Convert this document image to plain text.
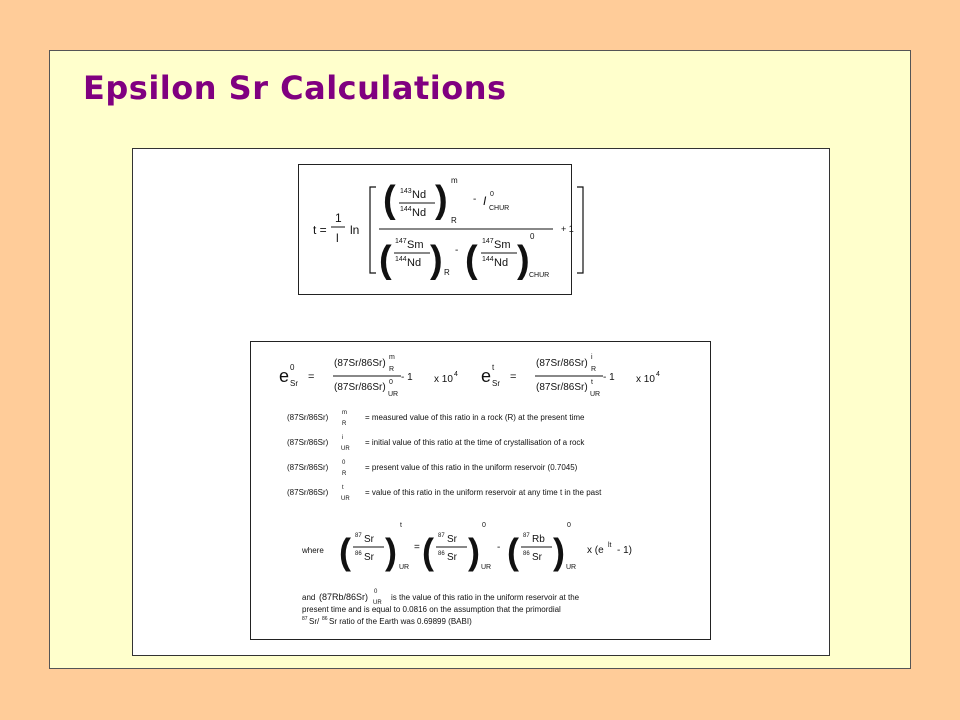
Epsilon Sr Calculations
t =
1
l
ln
( 143 Nd
144 Nd ) m
R
- I 0
CHUR
( 147 Sm
144 Nd ) R
- ( 147 Sm
144 Nd )
0
CHUR
+ 1
e 0
Sr
=
(87Sr/86Sr)
m
R
(87Sr/86Sr) 0
UR
- 1 x 10 4 e t
Sr
=
(87Sr/86Sr)
i
R
(87Sr/86Sr) t
UR
- 1 x 10 4
(87Sr/86Sr) m
R
= measured value of this ratio in a rock (R) at the present time
(87Sr/86Sr) i
UR
= initial value of this ratio at the time of crystallisation of a rock
(87Sr/86Sr) 0
R
= present value of this ratio in the uniform reservoir (0.7045)
(87Sr/86Sr) t
UR
= value of this ratio in the uniform reservoir at any time t in the past
where ( 87 Sr
86 Sr )
t
UR
= ( 87 Sr
86 Sr )
0
UR
- ( 87 Rb
86 Sr )
0
UR
x (e lt - 1)
and (87Rb/86Sr) 0
UR
is the value of this ratio in the uniform reservoir at the
present time and is equal to 0.0816 on the assumption that the primordial
87 Sr/ 86 Sr ratio of the Earth was 0.69899 (BABI)
